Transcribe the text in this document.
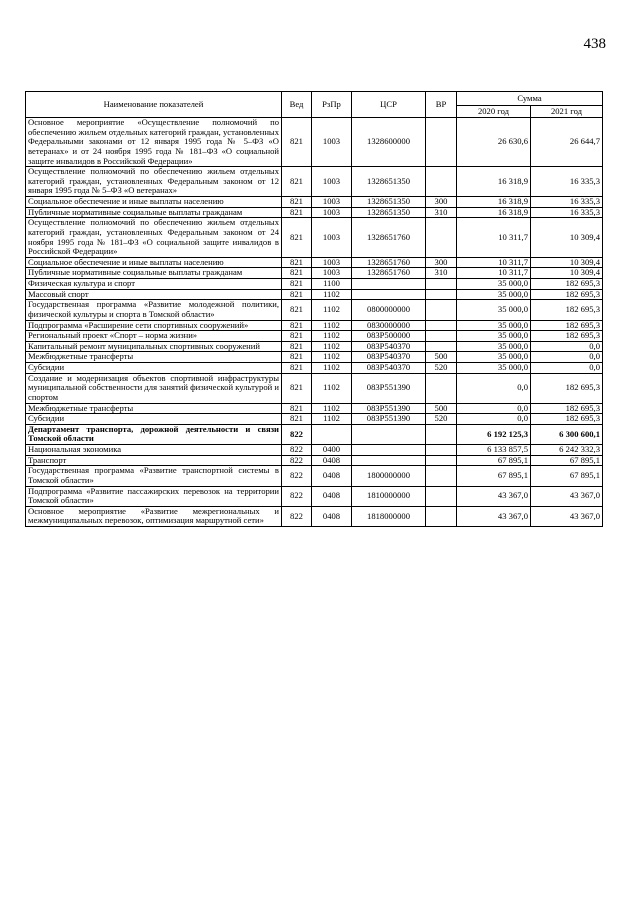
438
Наименование показателей	Вед	РзПр	ЦСР	ВР	Сумма	
					2020 год	2021 год
Основное мероприятие «Осуществление полномочий по обеспечению жильем отдельных категорий граждан, установленных Федеральными законами от 12 января 1995 года № 5–ФЗ «О ветеранах» и от 24 ноября 1995 года № 181–ФЗ «О социальной защите инвалидов в Российской Федерации»	821	1003	1328600000		26 630,6	26 644,7
Осуществление полномочий по обеспечению жильем отдельных категорий граждан, установленных Федеральным законом от 12 января 1995 года № 5–ФЗ «О ветеранах»	821	1003	1328651350		16 318,9	16 335,3
Социальное обеспечение и иные выплаты населению	821	1003	1328651350	300	16 318,9	16 335,3
Публичные нормативные социальные выплаты гражданам	821	1003	1328651350	310	16 318,9	16 335,3
Осуществление полномочий по обеспечению жильем отдельных категорий граждан, установленных Федеральным законом от 24 ноября 1995 года № 181–ФЗ «О социальной защите инвалидов в Российской Федерации»	821	1003	1328651760		10 311,7	10 309,4
Социальное обеспечение и иные выплаты населению	821	1003	1328651760	300	10 311,7	10 309,4
Публичные нормативные социальные выплаты гражданам	821	1003	1328651760	310	10 311,7	10 309,4
Физическая культура и спорт	821	1100			35 000,0	182 695,3
Массовый спорт	821	1102			35 000,0	182 695,3
Государственная программа «Развитие молодежной политики, физической культуры и спорта в Томской области»	821	1102	0800000000		35 000,0	182 695,3
Подпрограмма «Расширение сети спортивных сооружений»	821	1102	0830000000		35 000,0	182 695,3
Региональный проект «Спорт – норма жизни»	821	1102	083P500000		35 000,0	182 695,3
Капитальный ремонт муниципальных спортивных сооружений	821	1102	083P540370		35 000,0	0,0
Межбюджетные трансферты	821	1102	083P540370	500	35 000,0	0,0
Субсидии	821	1102	083P540370	520	35 000,0	0,0
Создание и модернизация объектов спортивной инфраструктуры муниципальной собственности для занятий физической культурой и спортом	821	1102	083P551390		0,0	182 695,3
Межбюджетные трансферты	821	1102	083P551390	500	0,0	182 695,3
Субсидии	821	1102	083P551390	520	0,0	182 695,3
Департамент транспорта, дорожной деятельности и связи Томской области	822				6 192 125,3	6 300 600,1
Национальная экономика	822	0400			6 133 857,5	6 242 332,3
Транспорт	822	0408			67 895,1	67 895,1
Государственная программа «Развитие транспортной системы в Томской области»	822	0408	1800000000		67 895,1	67 895,1
Подпрограмма «Развитие пассажирских перевозок на территории Томской области»	822	0408	1810000000		43 367,0	43 367,0
Основное мероприятие «Развитие межрегиональных и межмуниципальных перевозок, оптимизация маршрутной сети»	822	0408	1818000000		43 367,0	43 367,0
